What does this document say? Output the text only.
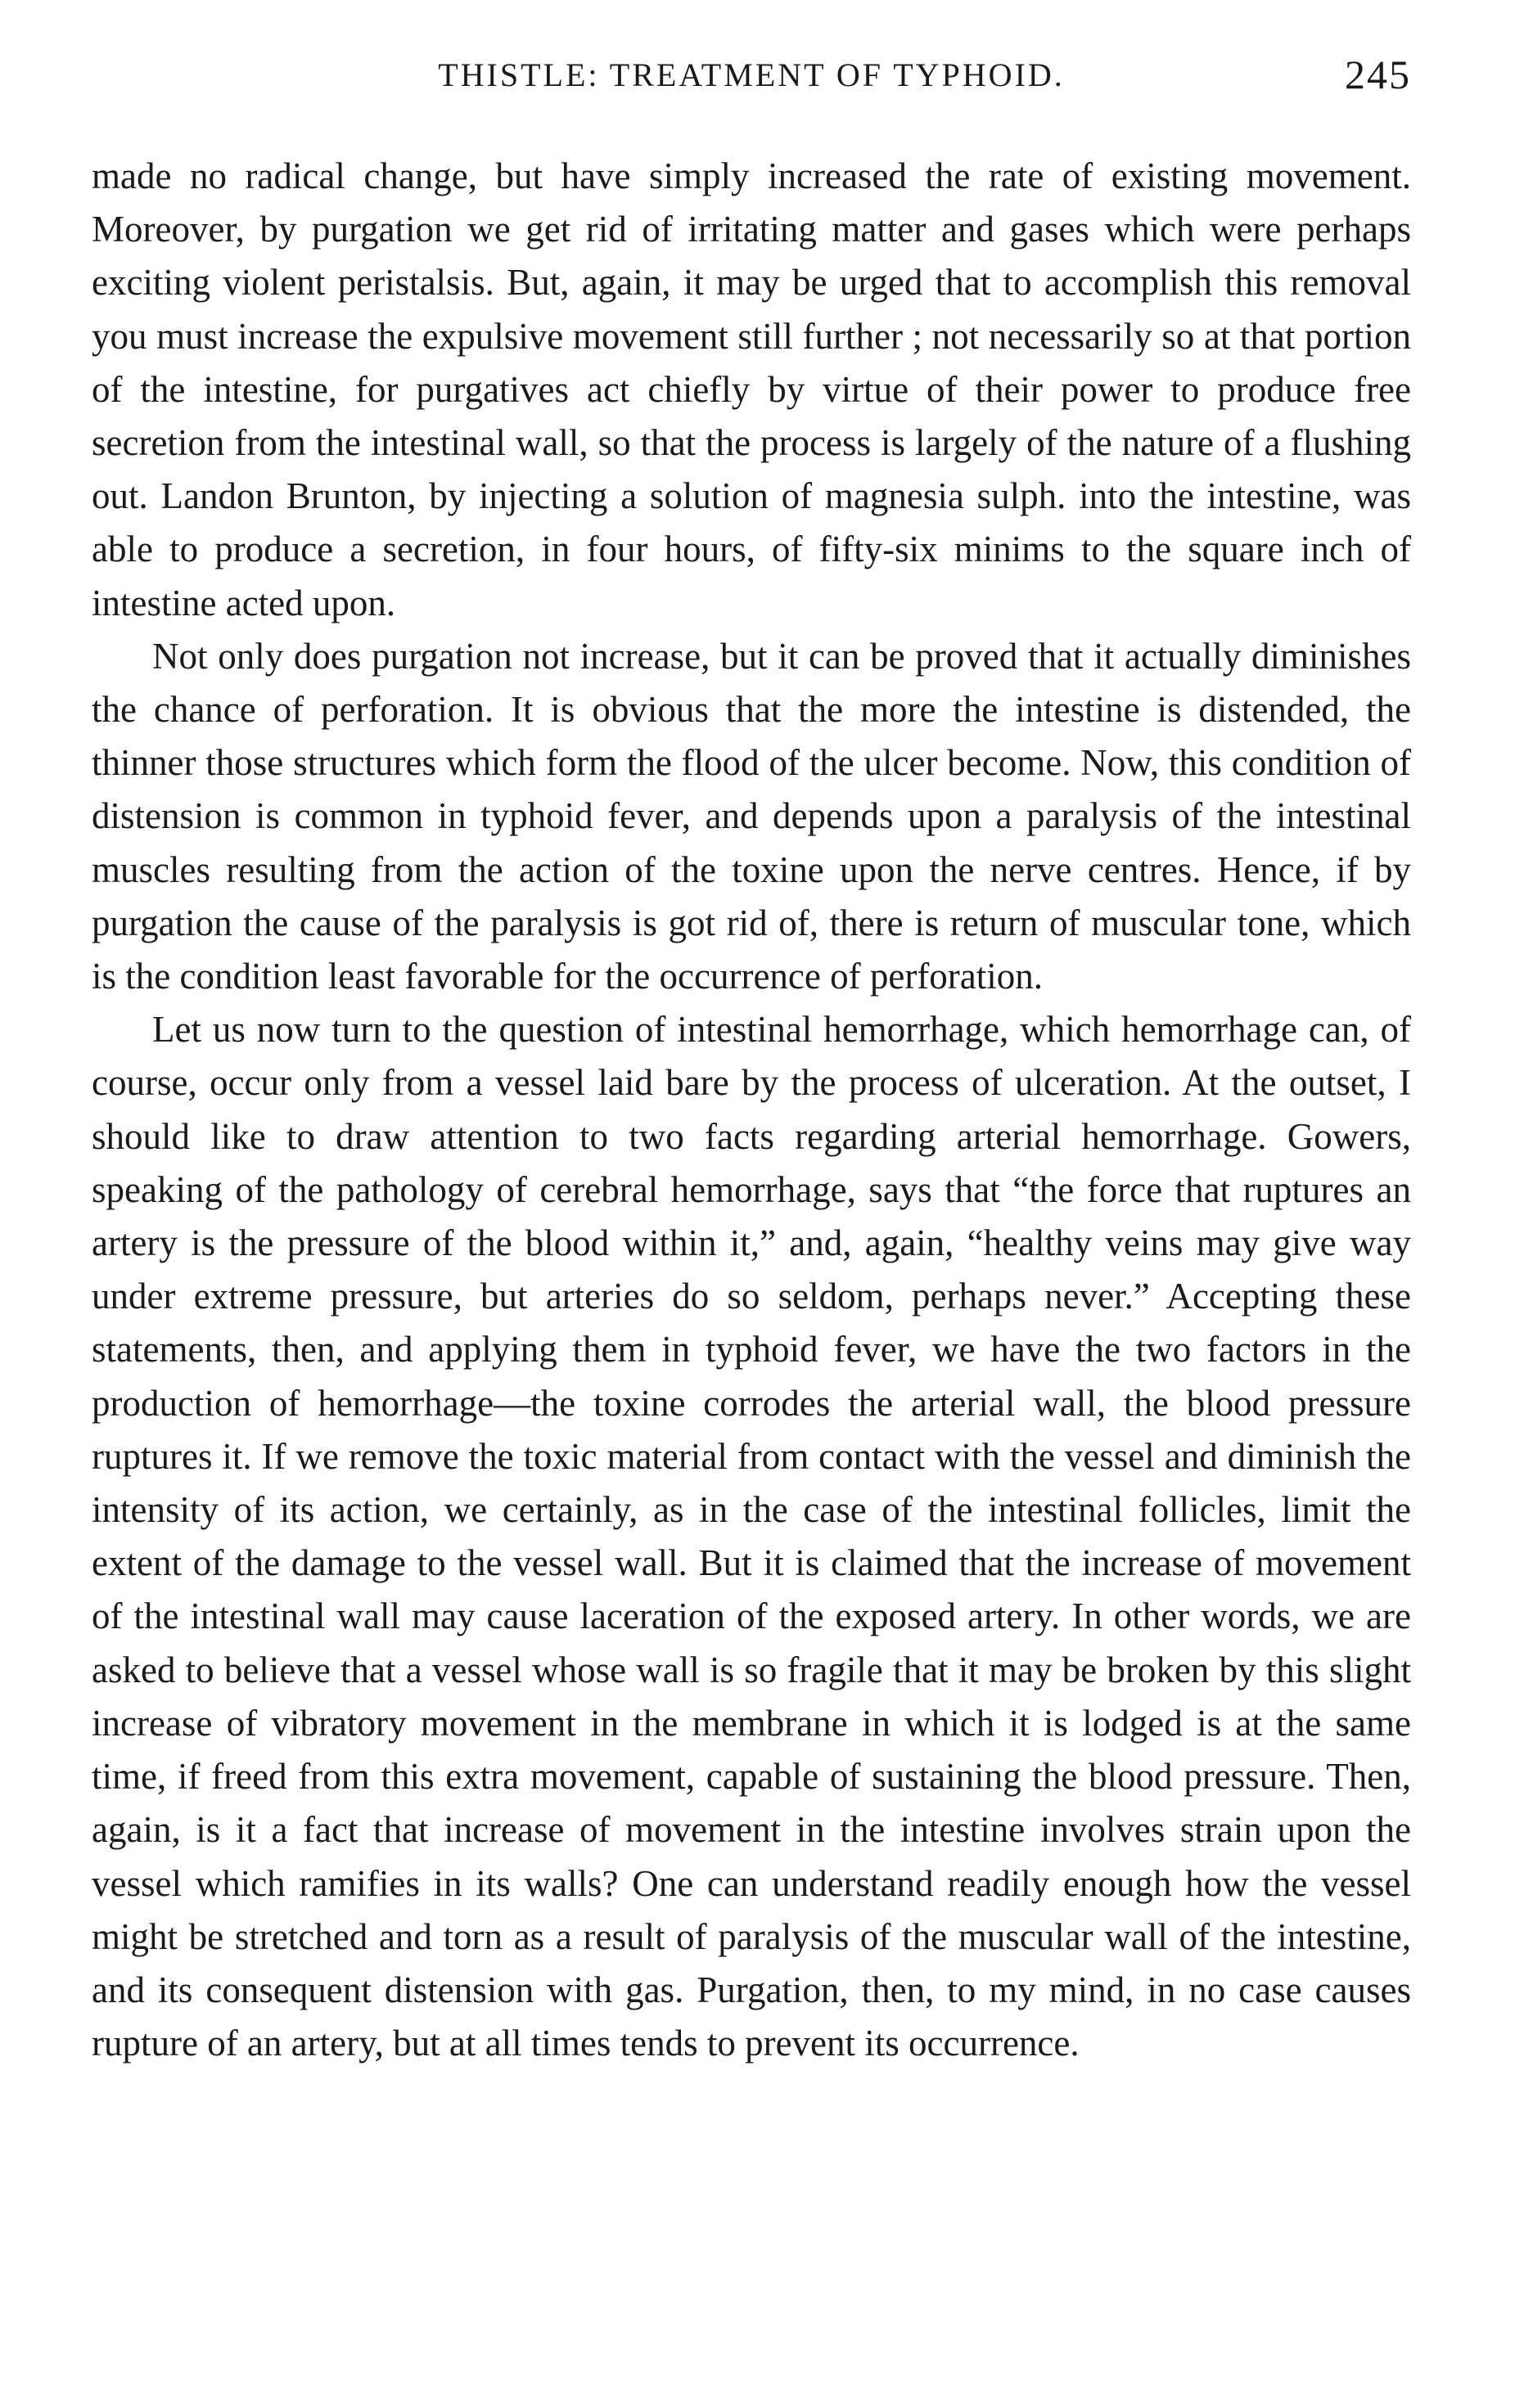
THISTLE: TREATMENT OF TYPHOID.	245

made no radical change, but have simply increased the rate of existing movement. Moreover, by purgation we get rid of irritating matter and gases which were perhaps exciting violent peristalsis. But, again, it may be urged that to accomplish this removal you must increase the expulsive movement still further ; not necessarily so at that portion of the intestine, for purgatives act chiefly by virtue of their power to produce free secretion from the intestinal wall, so that the process is largely of the nature of a flushing out. Landon Brunton, by injecting a solution of magnesia sulph. into the intestine, was able to produce a secretion, in four hours, of fifty-six minims to the square inch of intestine acted upon.

Not only does purgation not increase, but it can be proved that it actually diminishes the chance of perforation. It is obvious that the more the intestine is distended, the thinner those structures which form the flood of the ulcer become. Now, this condition of distension is common in typhoid fever, and depends upon a paralysis of the intestinal muscles resulting from the action of the toxine upon the nerve centres. Hence, if by purgation the cause of the paralysis is got rid of, there is return of muscular tone, which is the condition least favorable for the occurrence of perforation.

Let us now turn to the question of intestinal hemorrhage, which hemorrhage can, of course, occur only from a vessel laid bare by the process of ulceration. At the outset, I should like to draw attention to two facts regarding arterial hemorrhage. Gowers, speaking of the pathology of cerebral hemorrhage, says that “the force that ruptures an artery is the pressure of the blood within it,” and, again, “healthy veins may give way under extreme pressure, but arteries do so seldom, perhaps never.” Accepting these statements, then, and applying them in typhoid fever, we have the two factors in the production of hemorrhage—the toxine corrodes the arterial wall, the blood pressure ruptures it. If we remove the toxic material from contact with the vessel and diminish the intensity of its action, we certainly, as in the case of the intestinal follicles, limit the extent of the damage to the vessel wall. But it is claimed that the increase of movement of the intestinal wall may cause laceration of the exposed artery. In other words, we are asked to believe that a vessel whose wall is so fragile that it may be broken by this slight increase of vibratory movement in the membrane in which it is lodged is at the same time, if freed from this extra movement, capable of sustaining the blood pressure. Then, again, is it a fact that increase of movement in the intestine involves strain upon the vessel which ramifies in its walls? One can understand readily enough how the vessel might be stretched and torn as a result of paralysis of the muscular wall of the intestine, and its consequent distension with gas. Purgation, then, to my mind, in no case causes rupture of an artery, but at all times tends to prevent its occurrence.
